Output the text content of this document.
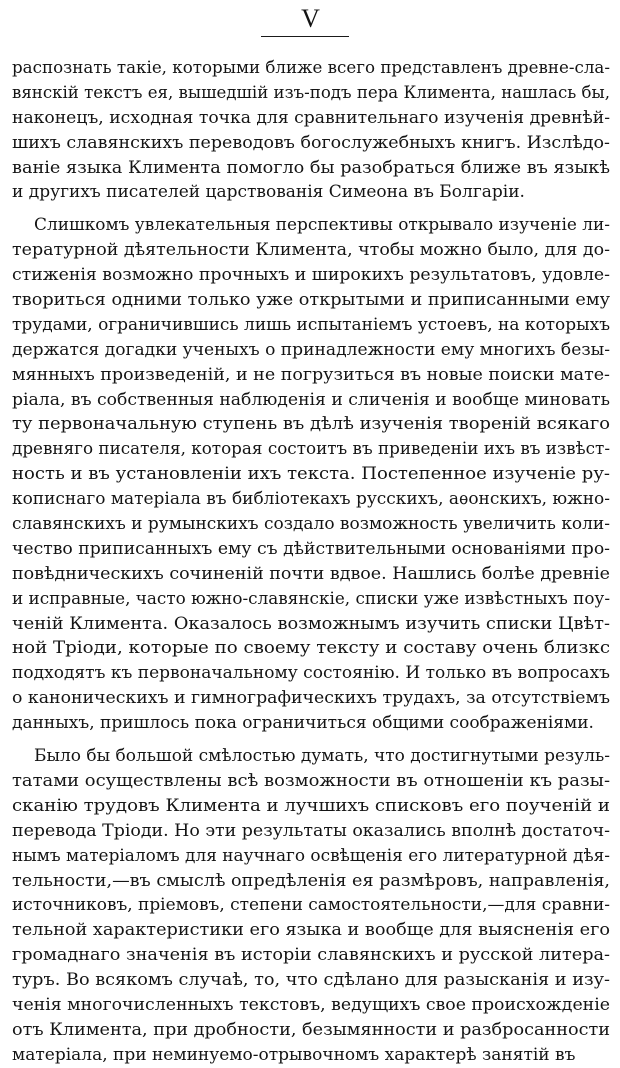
V
распознать такіе, которыми ближе всего представленъ древне-сла-
вянскій текстъ ея, вышедшій изъ-подъ пера Климента, нашлась бы,
наконецъ, исходная точка для сравнительнаго изученія древнѣй-
шихъ славянскихъ переводовъ богослужебныхъ книгъ. Изслѣдо-
ваніе языка Климента помогло бы разобраться ближе въ языкѣ
и другихъ писателей царствованія Симеона въ Болгаріи.
Слишкомъ увлекательныя перспективы открывало изученіе ли-
тературной дѣятельности Климента, чтобы можно было, для до-
стиженія возможно прочныхъ и широкихъ результатовъ, удовле-
твориться одними только уже открытыми и приписанными ему
трудами, ограничившись лишь испытаніемъ устоевъ, на которыхъ
держатся догадки ученыхъ о принадлежности ему многихъ безы-
мянныхъ произведеній, и не погрузиться въ новые поиски мате-
ріала, въ собственныя наблюденія и сличенія и вообще миновать
ту первоначальную ступень въ дѣлѣ изученія твореній всякаго
древняго писателя, которая состоитъ въ приведеніи ихъ въ извѣст-
ность и въ установленіи ихъ текста. Постепенное изученіе ру-
кописнаго матеріала въ библіотекахъ русскихъ, аѳонскихъ, южно-
славянскихъ и румынскихъ создало возможность увеличить коли-
чество приписанныхъ ему съ дѣйствительными основаніями про-
повѣдническихъ сочиненій почти вдвое. Нашлись болѣе древніе
и исправные, часто южно-славянскіе, списки уже извѣстныхъ поу-
ченій Климента. Оказалось возможнымъ изучить списки Цвѣт-
ной Тріоди, которые по своему тексту и составу очень близкс
подходятъ къ первоначальному состоянію. И только въ вопросахъ
о каноническихъ и гимнографическихъ трудахъ, за отсутствіемъ
данныхъ, пришлось пока ограничиться общими соображеніями.
Было бы большой смѣлостью думать, что достигнутыми резуль-
татами осуществлены всѣ возможности въ отношеніи къ разы-
сканію трудовъ Климента и лучшихъ списковъ его поученій и
перевода Тріоди. Но эти результаты оказались вполнѣ достаточ-
нымъ матеріаломъ для научнаго освѣщенія его литературной дѣя-
тельности,—въ смыслѣ опредѣленія ея размѣровъ, направленія,
источниковъ, пріемовъ, степени самостоятельности,—для сравни-
тельной характеристики его языка и вообще для выясненія его
громаднаго значенія въ исторіи славянскихъ и русской литера-
туръ. Во всякомъ случаѣ, то, что сдѣлано для разысканія и изу-
ченія многочисленныхъ текстовъ, ведущихъ свое происхожденіе
отъ Климента, при дробности, безымянности и разбросанности
матеріала, при неминуемо-отрывочномъ характерѣ занятій въ
